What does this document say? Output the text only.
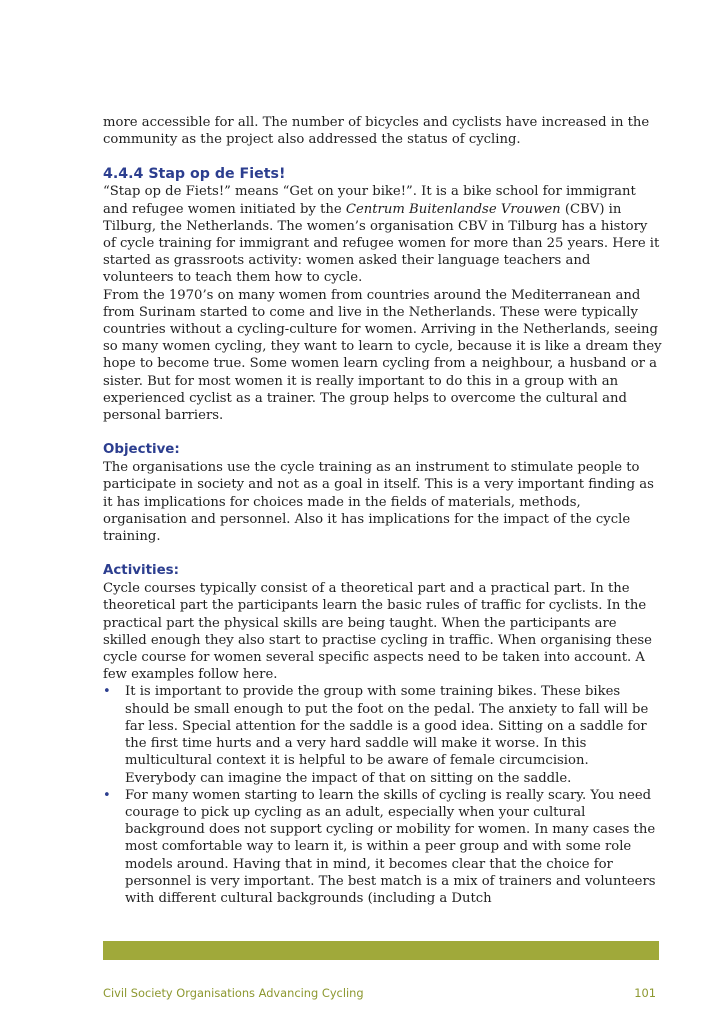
more accessible for all. The number of bicycles and cyclists have increased in the community as the project also addressed the status of cycling.

4.4.4 Stap op de Fiets!

“Stap op de Fiets!” means “Get on your bike!”. It is a bike school for immigrant and refugee women initiated by the Centrum Buitenlandse Vrouwen (CBV) in Tilburg, the Netherlands. The women’s organisation CBV in Tilburg has a history of cycle training for immigrant and refugee women for more than 25 years. Here it started as grassroots activity: women asked their language teachers and volunteers to teach them how to cycle.

From the 1970’s on many women from countries around the Mediterranean and from Surinam started to come and live in the Netherlands. These were typically countries without a cycling-culture for women. Arriving in the Netherlands, seeing so many women cycling, they want to learn to cycle, because it is like a dream they hope to become true. Some women learn cycling from a neighbour, a husband or a sister. But for most women it is really important to do this in a group with an experienced cyclist as a trainer. The group helps to overcome the cultural and personal barriers.

Objective:

The organisations use the cycle training as an instrument to stimulate people to participate in society and not as a goal in itself. This is a very important finding as it has implications for choices made in the fields of materials, methods, organisation and personnel. Also it has implications for the impact of the cycle training.

Activities:

Cycle courses typically consist of a theoretical part and a practical part. In the theoretical part the participants learn the basic rules of traffic for cyclists. In the practical part the physical skills are being taught. When the participants are skilled enough they also start to practise cycling in traffic. When organising these cycle course for women several specific aspects need to be taken into account. A few examples follow here.

• It is important to provide the group with some training bikes. These bikes should be small enough to put the foot on the pedal. The anxiety to fall will be far less. Special attention for the saddle is a good idea. Sitting on a saddle for the first time hurts and a very hard saddle will make it worse. In this multicultural context it is helpful to be aware of female circumcision. Everybody can imagine the impact of that on sitting on the saddle.
• For many women starting to learn the skills of cycling is really scary. You need courage to pick up cycling as an adult, especially when your cultural background does not support cycling or mobility for women. In many cases the most comfortable way to learn it, is within a peer group and with some role models around. Having that in mind, it becomes clear that the choice for personnel is very important. The best match is a mix of trainers and volunteers with different cultural backgrounds (including a Dutch
Civil Society Organisations Advancing Cycling	101
